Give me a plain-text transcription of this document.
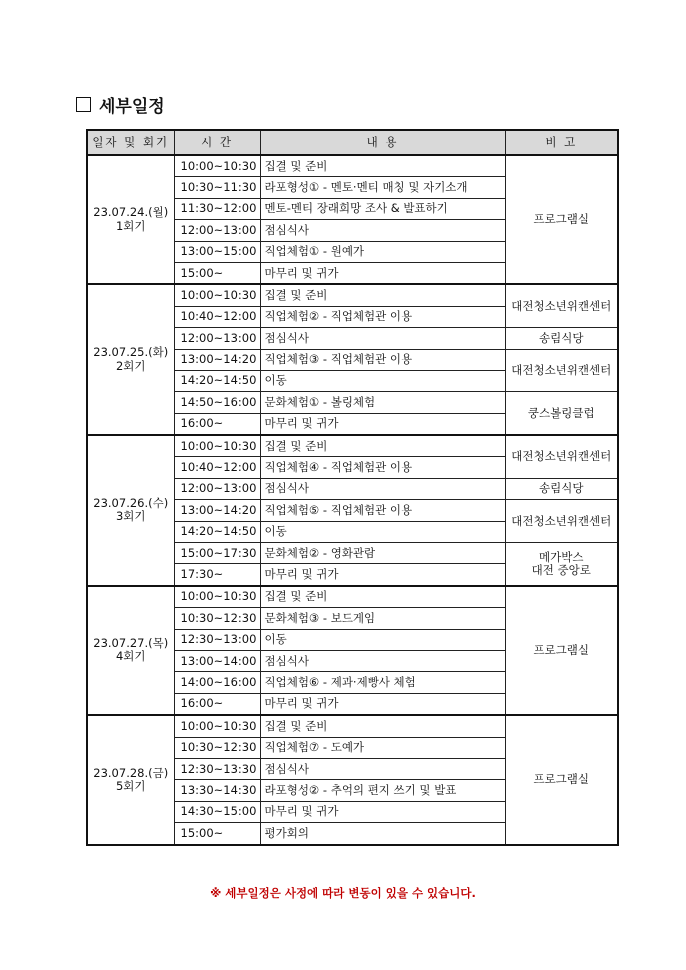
세부일정
일자 및 회기	시 간	내 용	비 고

23.07.24.(월)
1회기	10:00~10:30	집결 및 준비	프로그램실
	10:30~11:30	라포형성① - 멘토·멘티 매칭 및 자기소개	
	11:30~12:00	멘토-멘티 장래희망 조사 & 발표하기	
	12:00~13:00	점심식사	
	13:00~15:00	직업체험① - 원예가	
	15:00~	마무리 및 귀가	

23.07.25.(화)
2회기	10:00~10:30	집결 및 준비	대전청소년위캔센터
	10:40~12:00	직업체험② - 직업체험관 이용	
	12:00~13:00	점심식사	송림식당
	13:00~14:20	직업체험③ - 직업체험관 이용	대전청소년위캔센터
	14:20~14:50	이동	
	14:50~16:00	문화체험① - 볼링체험	쿵스볼링클럽
	16:00~	마무리 및 귀가	

23.07.26.(수)
3회기	10:00~10:30	집결 및 준비	대전청소년위캔센터
	10:40~12:00	직업체험④ - 직업체험관 이용	
	12:00~13:00	점심식사	송림식당
	13:00~14:20	직업체험⑤ - 직업체험관 이용	대전청소년위캔센터
	14:20~14:50	이동	
	15:00~17:30	문화체험② - 영화관람	메가박스
대전 중앙로

	17:30~	마무리 및 귀가	

23.07.27.(목)
4회기	10:00~10:30	집결 및 준비	프로그램실
	10:30~12:30	문화체험③ - 보드게임	
	12:30~13:00	이동	
	13:00~14:00	점심식사	
	14:00~16:00	직업체험⑥ - 제과·제빵사 체험	
	16:00~	마무리 및 귀가	

23.07.28.(금)
5회기	10:00~10:30	집결 및 준비	프로그램실
	10:30~12:30	직업체험⑦ - 도예가	
	12:30~13:30	점심식사	
	13:30~14:30	라포형성② - 추억의 편지 쓰기 및 발표	
	14:30~15:00	마무리 및 귀가	
	15:00~	평가회의	
※ 세부일정은 사정에 따라 변동이 있을 수 있습니다.
